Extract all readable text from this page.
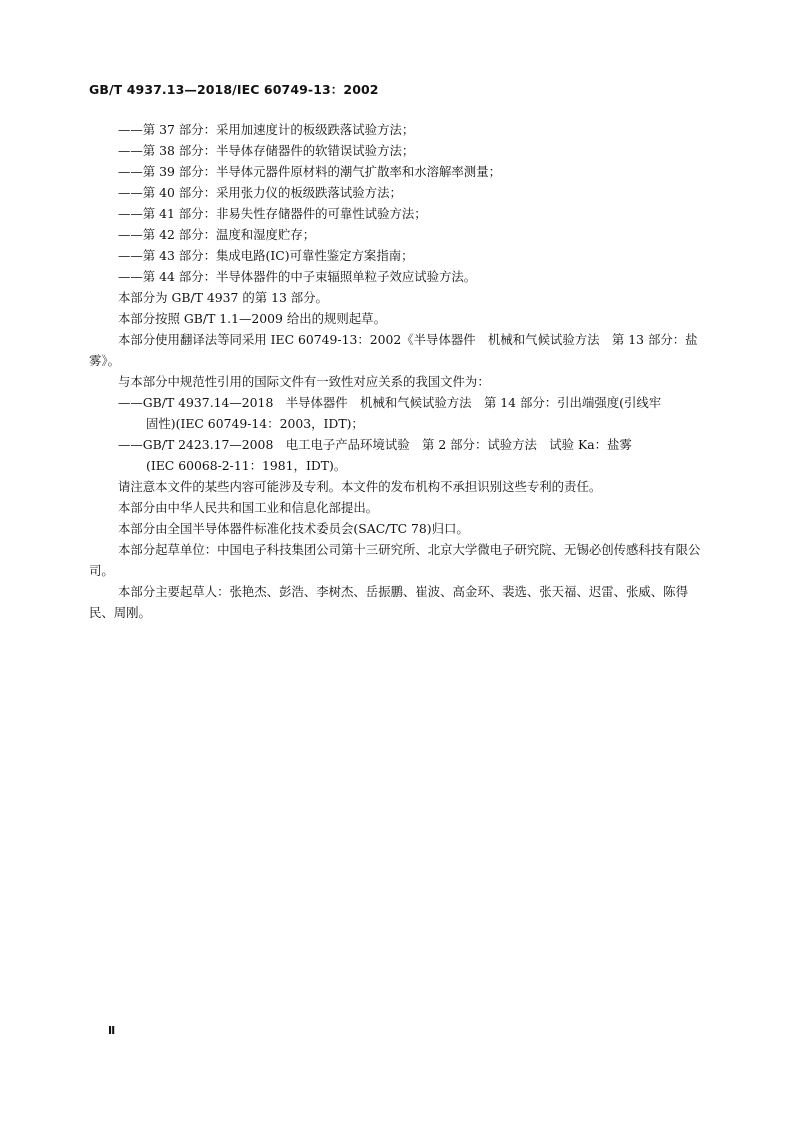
GB/T 4937.13—2018/IEC 60749-13：2002
——第 37 部分：采用加速度计的板级跌落试验方法；
——第 38 部分：半导体存储器件的软错误试验方法；
——第 39 部分：半导体元器件原材料的潮气扩散率和水溶解率测量；
——第 40 部分：采用张力仪的板级跌落试验方法；
——第 41 部分：非易失性存储器件的可靠性试验方法；
——第 42 部分：温度和湿度贮存；
——第 43 部分：集成电路(IC)可靠性鉴定方案指南；
——第 44 部分：半导体器件的中子束辐照单粒子效应试验方法。
本部分为 GB/T 4937 的第 13 部分。
本部分按照 GB/T 1.1—2009 给出的规则起草。
本部分使用翻译法等同采用 IEC 60749-13：2002《半导体器件　机械和气候试验方法　第 13 部分：盐雾》。
与本部分中规范性引用的国际文件有一致性对应关系的我国文件为：
——GB/T 4937.14—2018　半导体器件　机械和气候试验方法　第 14 部分：引出端强度(引线牢
固性)(IEC 60749-14：2003，IDT)；
——GB/T 2423.17—2008　电工电子产品环境试验　第 2 部分：试验方法　试验 Ka：盐雾
(IEC 60068-2-11：1981，IDT)。
请注意本文件的某些内容可能涉及专利。本文件的发布机构不承担识别这些专利的责任。
本部分由中华人民共和国工业和信息化部提出。
本部分由全国半导体器件标准化技术委员会(SAC/TC 78)归口。
本部分起草单位：中国电子科技集团公司第十三研究所、北京大学微电子研究院、无锡必创传感科技有限公司。
本部分主要起草人：张艳杰、彭浩、李树杰、岳振鹏、崔波、高金环、裴选、张天福、迟雷、张威、陈得民、周刚。
Ⅱ
